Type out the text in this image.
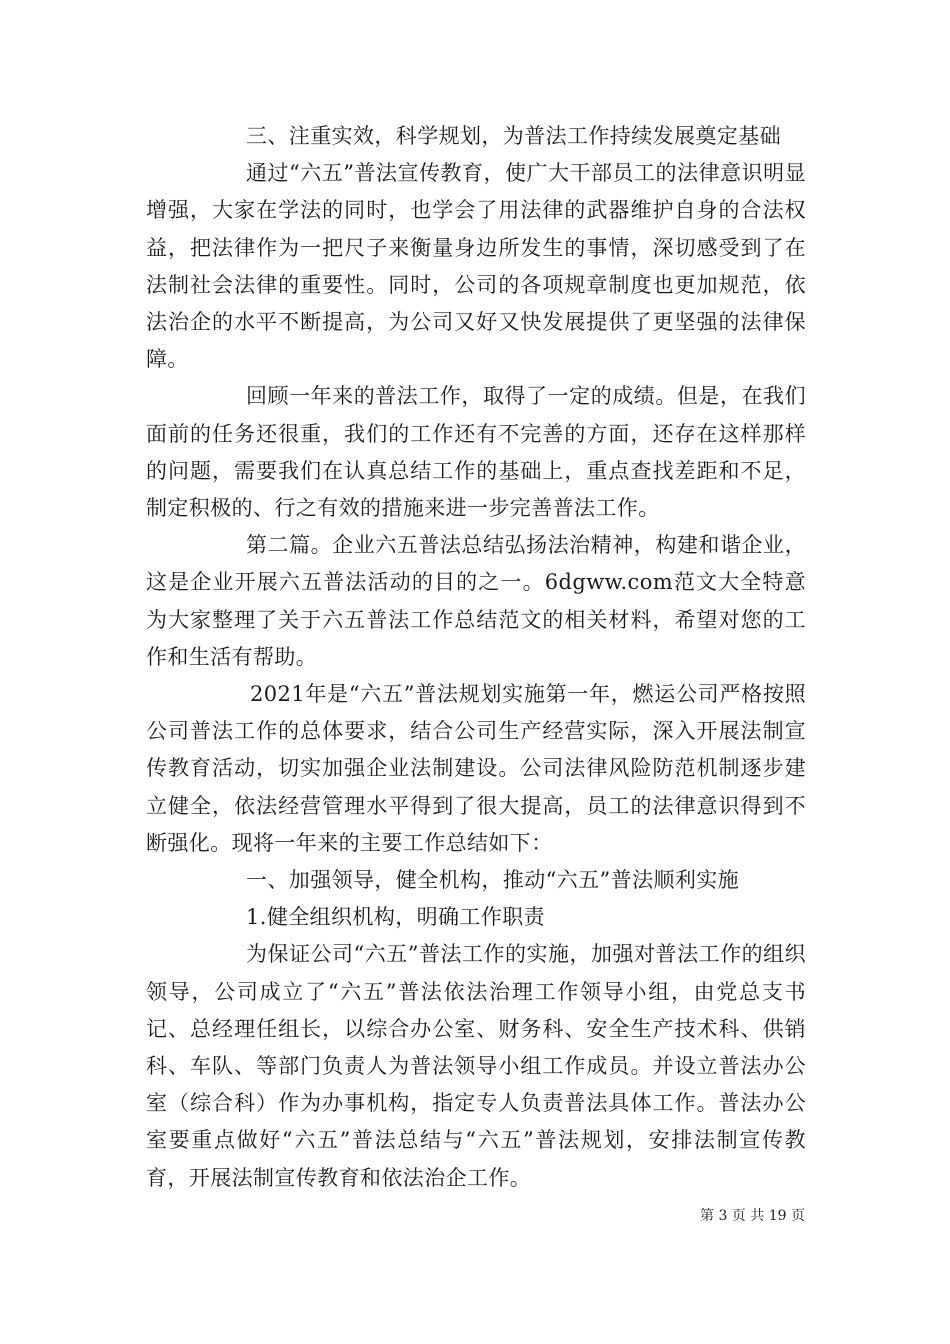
三、注重实效，科学规划，为普法工作持续发展奠定基础

通过“六五”普法宣传教育，使广大干部员工的法律意识明显增强，大家在学法的同时，也学会了用法律的武器维护自身的合法权益，把法律作为一把尺子来衡量身边所发生的事情，深切感受到了在法制社会法律的重要性。同时，公司的各项规章制度也更加规范，依法治企的水平不断提高，为公司又好又快发展提供了更坚强的法律保障。

回顾一年来的普法工作，取得了一定的成绩。但是，在我们面前的任务还很重，我们的工作还有不完善的方面，还存在这样那样的问题，需要我们在认真总结工作的基础上，重点查找差距和不足，制定积极的、行之有效的措施来进一步完善普法工作。

第二篇。企业六五普法总结弘扬法治精神，构建和谐企业，这是企业开展六五普法活动的目的之一。6dgww.com范文大全特意为大家整理了关于六五普法工作总结范文的相关材料，希望对您的工作和生活有帮助。

2021年是“六五”普法规划实施第一年，燃运公司严格按照公司普法工作的总体要求，结合公司生产经营实际，深入开展法制宣传教育活动，切实加强企业法制建设。公司法律风险防范机制逐步建立健全，依法经营管理水平得到了很大提高，员工的法律意识得到不断强化。现将一年来的主要工作总结如下：

一、加强领导，健全机构，推动“六五”普法顺利实施

1.健全组织机构，明确工作职责

为保证公司“六五”普法工作的实施，加强对普法工作的组织领导，公司成立了“六五”普法依法治理工作领导小组，由党总支书记、总经理任组长，以综合办公室、财务科、安全生产技术科、供销科、车队、等部门负责人为普法领导小组工作成员。并设立普法办公室（综合科）作为办事机构，指定专人负责普法具体工作。普法办公室要重点做好“六五”普法总结与“六五”普法规划，安排法制宣传教育，开展法制宣传教育和依法治企工作。

第 3 页 共 19 页
